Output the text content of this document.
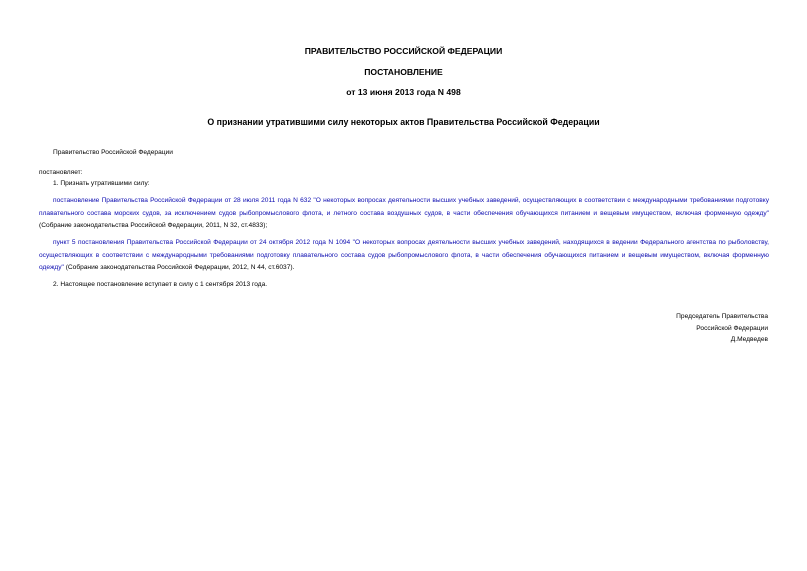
ПРАВИТЕЛЬСТВО РОССИЙСКОЙ ФЕДЕРАЦИИ
ПОСТАНОВЛЕНИЕ
от 13 июня 2013 года N 498
О признании утратившими силу некоторых актов Правительства Российской Федерации
Правительство Российской Федерации
постановляет:
1. Признать утратившими силу:
постановление Правительства Российской Федерации от 28 июля 2011 года N 632 "О некоторых вопросах деятельности высших учебных заведений, осуществляющих в соответствии с международными требованиями подготовку плавательного состава морских судов, за исключением судов рыбопромыслового флота, и летного состава воздушных судов, в части обеспечения обучающихся питанием и вещевым имуществом, включая форменную одежду" (Собрание законодательства Российской Федерации, 2011, N 32, ст.4833);
пункт 5 постановления Правительства Российской Федерации от 24 октября 2012 года N 1094 "О некоторых вопросах деятельности высших учебных заведений, находящихся в ведении Федерального агентства по рыболовству, осуществляющих в соответствии с международными требованиями подготовку плавательного состава судов рыбопромыслового флота, в части обеспечения обучающихся питанием и вещевым имуществом, включая форменную одежду" (Собрание законодательства Российской Федерации, 2012, N 44, ст.6037).
2. Настоящее постановление вступает в силу с 1 сентября 2013 года.
Председатель Правительства
Российской Федерации
Д.Медведев
